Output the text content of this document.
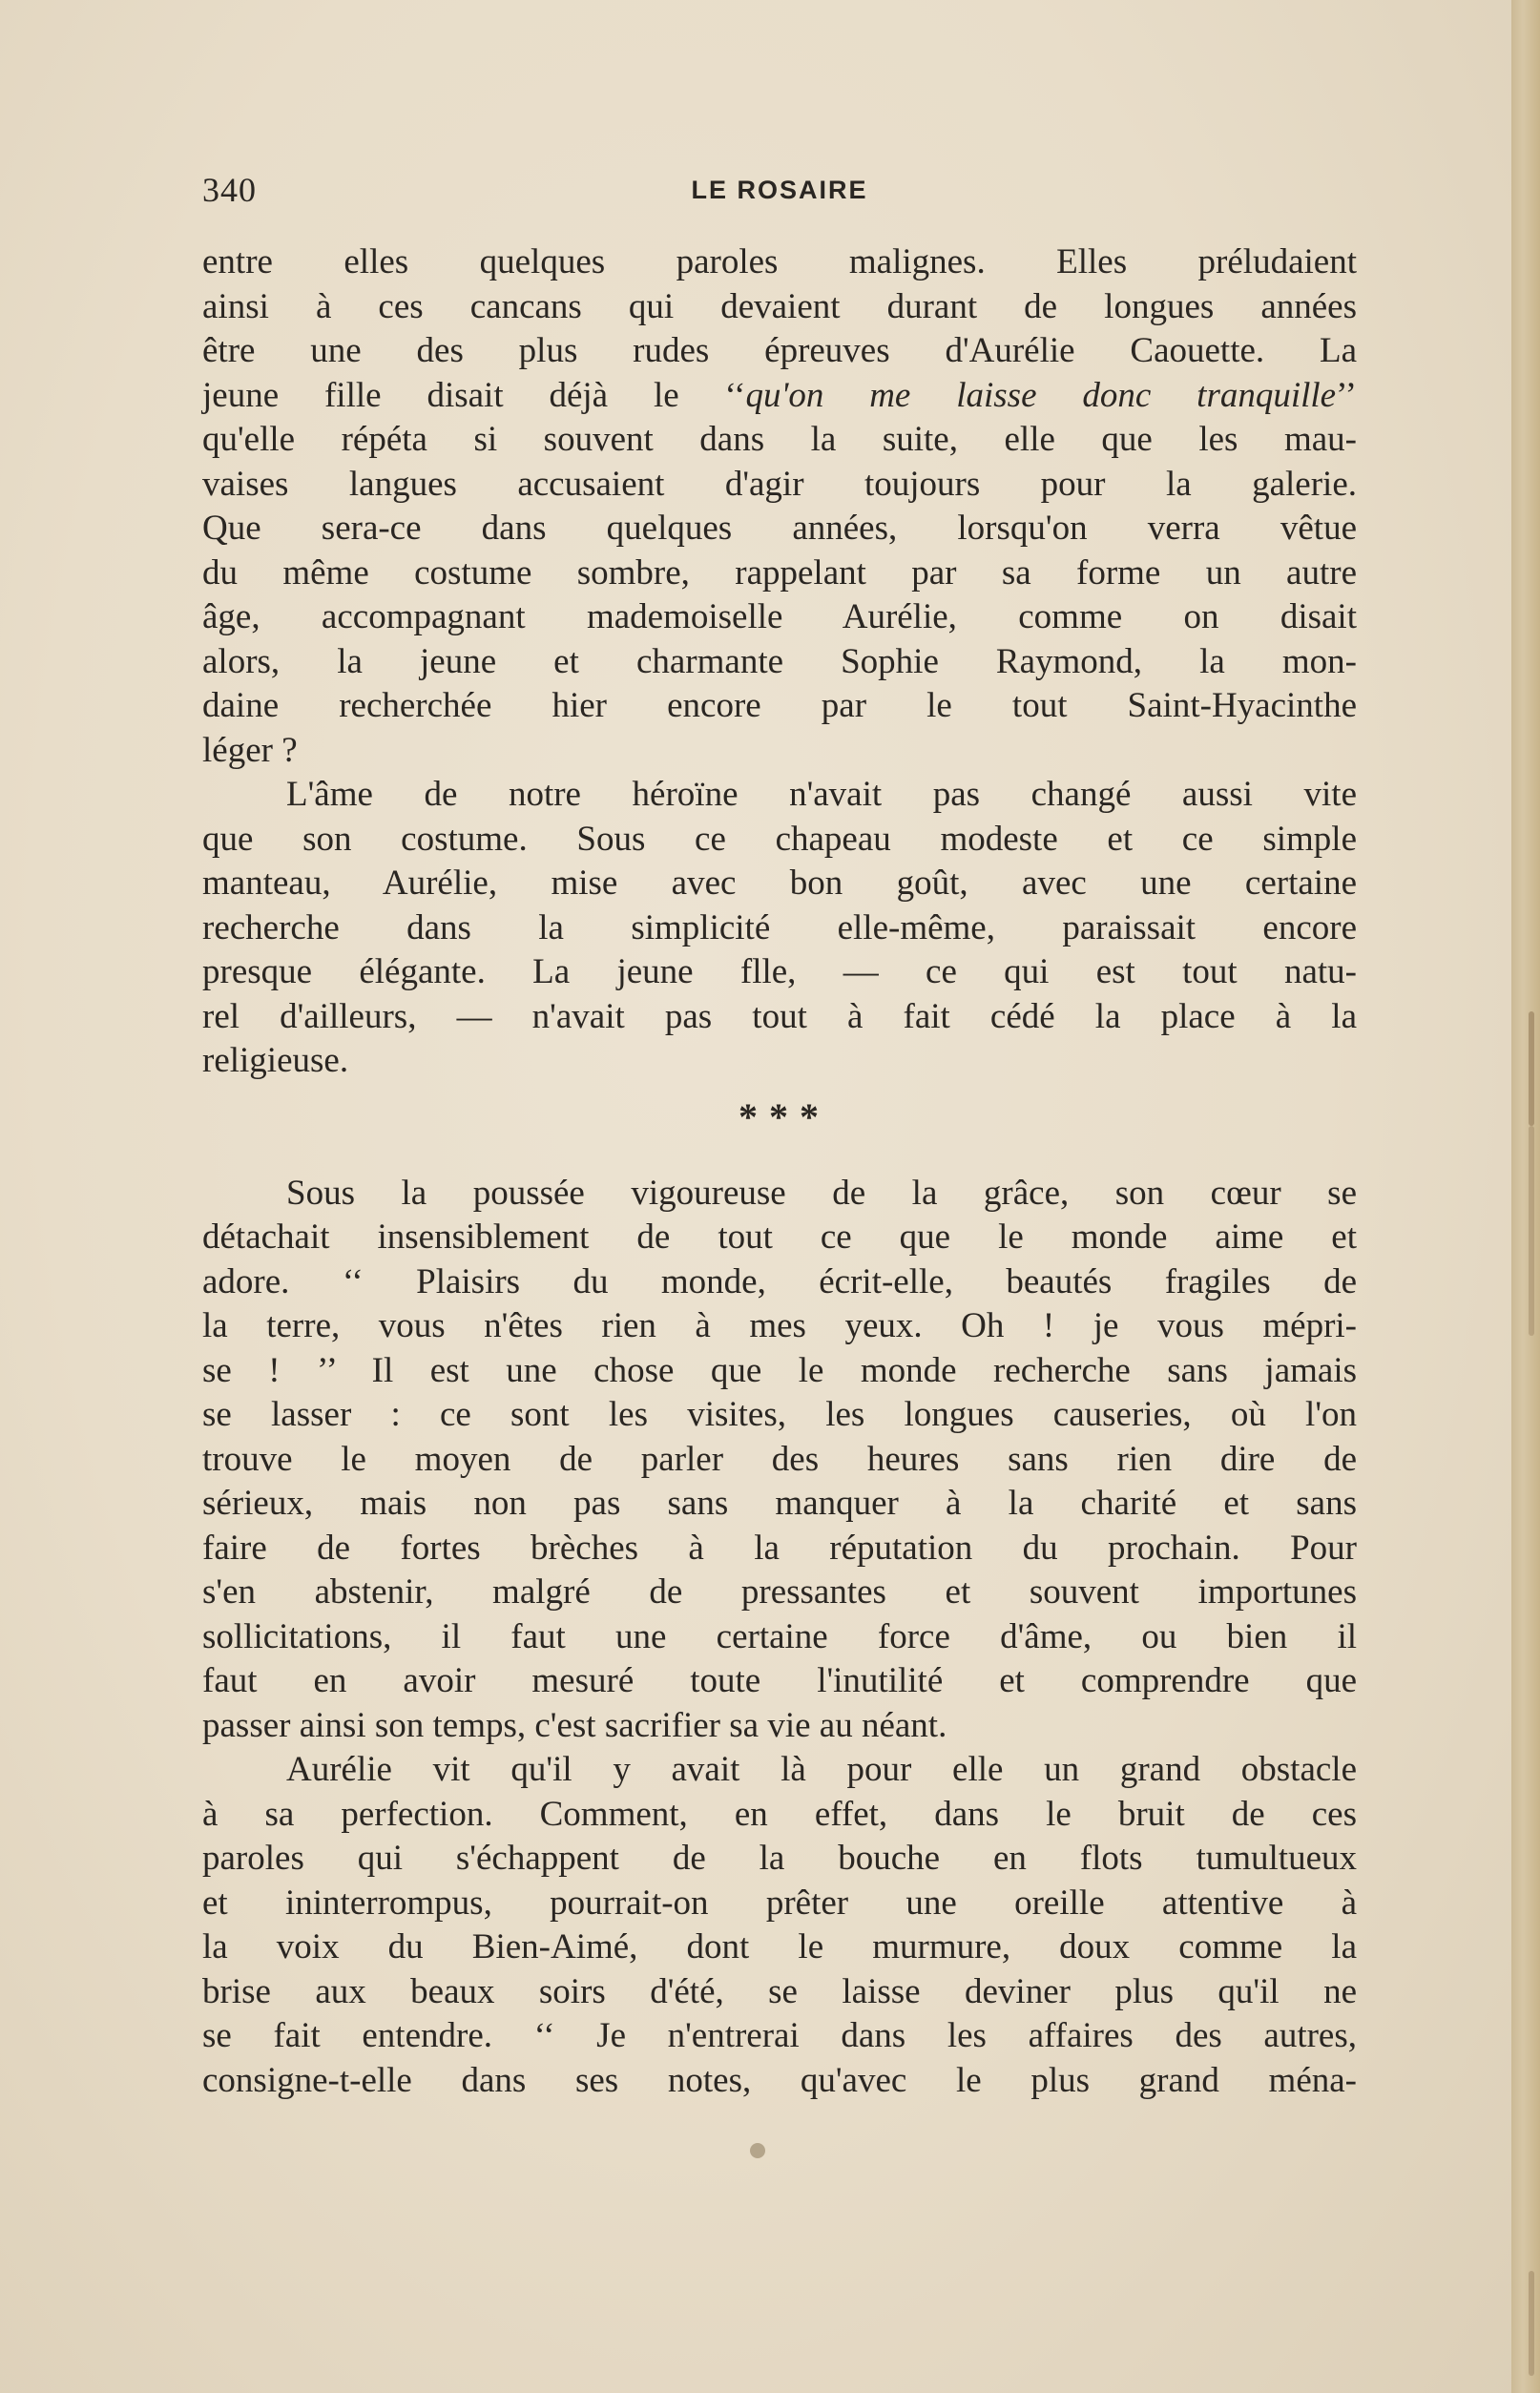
340	LE ROSAIRE
entre elles quelques paroles malignes. Elles préludaient
ainsi à ces cancans qui devaient durant de longues années
être une des plus rudes épreuves d'Aurélie Caouette. La
jeune fille disait déjà le ‘‘qu'on me laisse donc tranquille’’
qu'elle répéta si souvent dans la suite, elle que les mau-
vaises langues accusaient d'agir toujours pour la galerie.
Que sera-ce dans quelques années, lorsqu'on verra vêtue
du même costume sombre, rappelant par sa forme un autre
âge, accompagnant mademoiselle Aurélie, comme on disait
alors, la jeune et charmante Sophie Raymond, la mon-
daine recherchée hier encore par le tout Saint-Hyacinthe
léger ?
L'âme de notre héroïne n'avait pas changé aussi vite
que son costume. Sous ce chapeau modeste et ce simple
manteau, Aurélie, mise avec bon goût, avec une certaine
recherche dans la simplicité elle-même, paraissait encore
presque élégante. La jeune flle, — ce qui est tout natu-
rel d'ailleurs, — n'avait pas tout à fait cédé la place à la
religieuse.
* * *
Sous la poussée vigoureuse de la grâce, son cœur se
détachait insensiblement de tout ce que le monde aime et
adore. ‘‘ Plaisirs du monde, écrit-elle, beautés fragiles de
la terre, vous n'êtes rien à mes yeux. Oh ! je vous mépri-
se ! ’’ Il est une chose que le monde recherche sans jamais
se lasser : ce sont les visites, les longues causeries, où l'on
trouve le moyen de parler des heures sans rien dire de
sérieux, mais non pas sans manquer à la charité et sans
faire de fortes brèches à la réputation du prochain. Pour
s'en abstenir, malgré de pressantes et souvent importunes
sollicitations, il faut une certaine force d'âme, ou bien il
faut en avoir mesuré toute l'inutilité et comprendre que
passer ainsi son temps, c'est sacrifier sa vie au néant.
Aurélie vit qu'il y avait là pour elle un grand obstacle
à sa perfection. Comment, en effet, dans le bruit de ces
paroles qui s'échappent de la bouche en flots tumultueux
et ininterrompus, pourrait-on prêter une oreille attentive à
la voix du Bien-Aimé, dont le murmure, doux comme la
brise aux beaux soirs d'été, se laisse deviner plus qu'il ne
se fait entendre. ‘‘ Je n'entrerai dans les affaires des autres,
consigne-t-elle dans ses notes, qu'avec le plus grand ména-
